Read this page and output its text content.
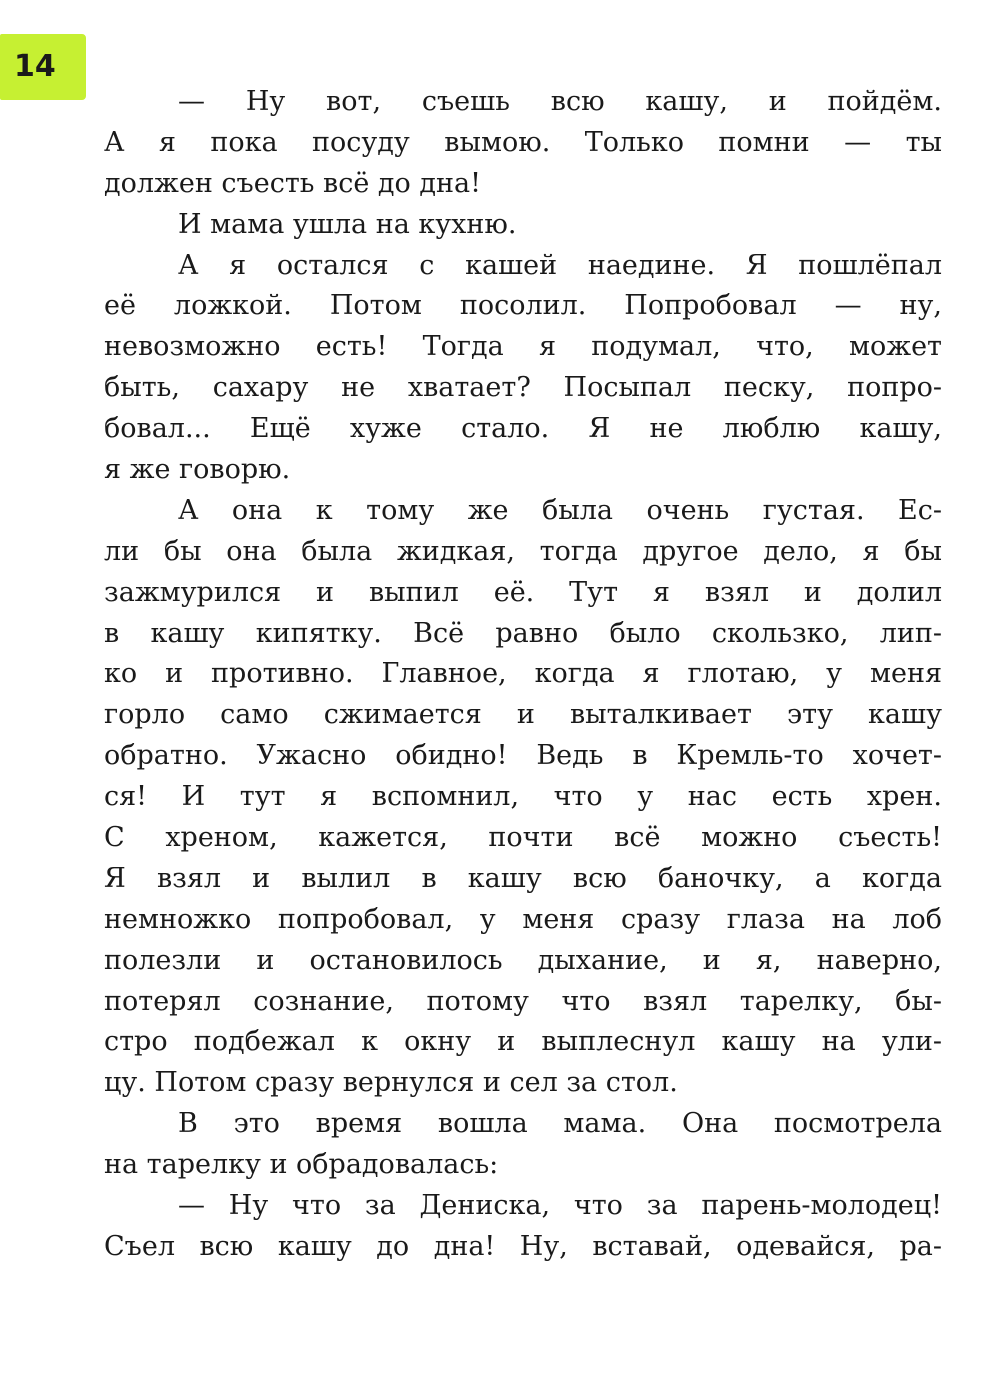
14
— Ну вот, съешь всю кашу, и пойдём.
А я пока посуду вымою. Только помни — ты
должен съесть всё до дна!
И мама ушла на кухню.
А я остался с кашей наедине. Я пошлёпал
её ложкой. Потом посолил. Попробовал — ну,
невозможно есть! Тогда я подумал, что, может
быть, сахару не хватает? Посыпал песку, попро-
бовал... Ещё хуже стало. Я не люблю кашу,
я же говорю.
А она к тому же была очень густая. Ес-
ли бы она была жидкая, тогда другое дело, я бы
зажмурился и выпил её. Тут я взял и долил
в кашу кипятку. Всё равно было скользко, лип-
ко и противно. Главное, когда я глотаю, у меня
горло само сжимается и выталкивает эту кашу
обратно. Ужасно обидно! Ведь в Кремль-то хочет-
ся! И тут я вспомнил, что у нас есть хрен.
С хреном, кажется, почти всё можно съесть!
Я взял и вылил в кашу всю баночку, а когда
немножко попробовал, у меня сразу глаза на лоб
полезли и остановилось дыхание, и я, наверно,
потерял сознание, потому что взял тарелку, бы-
стро подбежал к окну и выплеснул кашу на ули-
цу. Потом сразу вернулся и сел за стол.
В это время вошла мама. Она посмотрела
на тарелку и обрадовалась:
— Ну что за Дениска, что за парень-молодец!
Съел всю кашу до дна! Ну, вставай, одевайся, ра-
